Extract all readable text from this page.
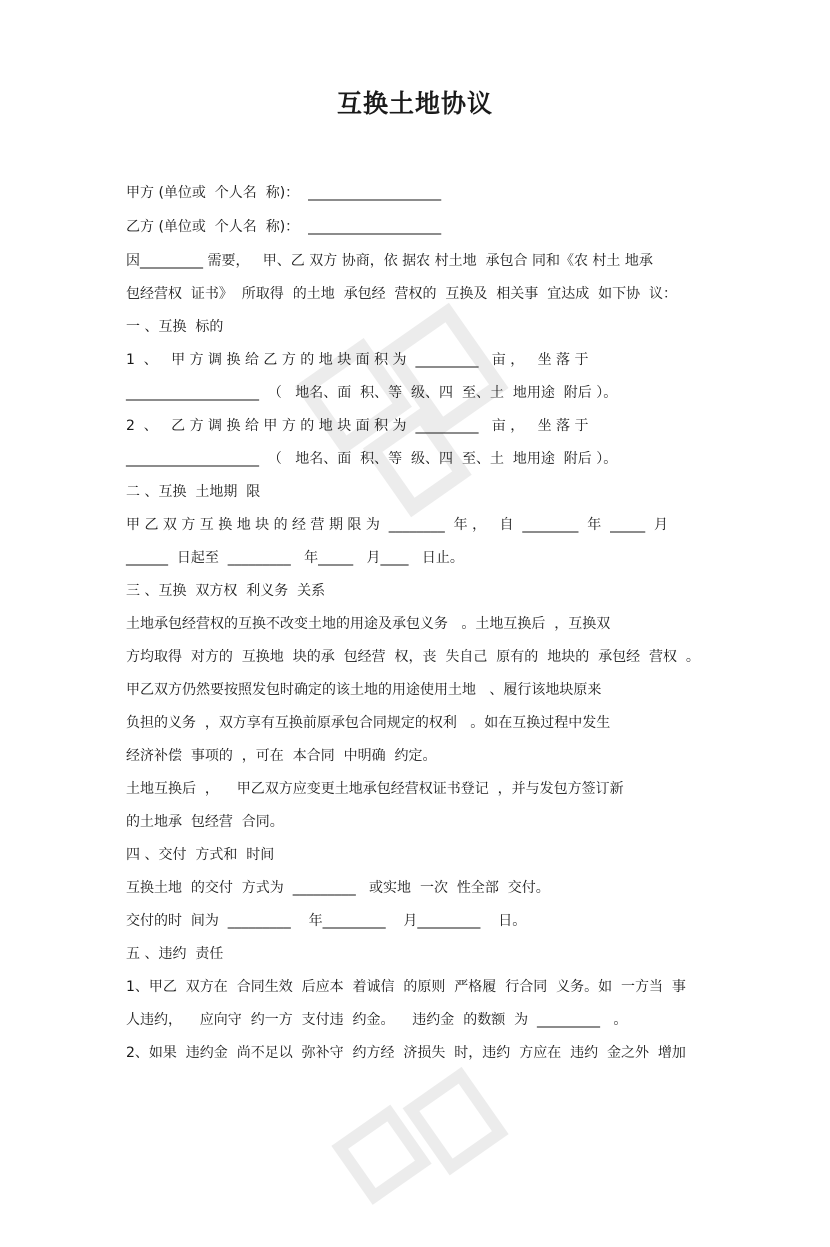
互换土地协议
甲方 (单位或  个人名  称)：  ___________________
乙方 (单位或  个人名  称)：  ___________________
因_________ 需要，   甲、乙 双方 协商，依 据农 村土地  承包合 同和《农 村土 地承
包经营权  证书》  所取得  的土地  承包经  营权的  互换及  相关事  宜达成  如下协  议：
一 、互换  标的
1  、   甲 方 调 换 给 乙 方 的 地 块 面 积 为  _________   亩 ，   坐 落 于
___________________  （   地名、面  积、等  级、四  至、土  地用途  附后 ）。
2  、   乙 方 调 换 给 甲 方 的 地 块 面 积 为  _________   亩 ，   坐 落 于
___________________  （   地名、面  积、等  级、四  至、土  地用途  附后 ）。
二 、互换  土地期  限
甲 乙 双 方 互 换 地 块 的 经 营 期 限 为  ________  年 ，   自  ________  年  _____  月
______  日起至  _________   年_____   月____   日止。
三 、互换  双方权  利义务  关系
土地承包经营权的互换不改变土地的用途及承包义务   。土地互换后  ，互换双
方均取得  对方的  互换地  块的承  包经营  权，丧  失自己  原有的  地块的  承包经  营权  。
甲乙双方仍然要按照发包时确定的该土地的用途使用土地   、履行该地块原来
负担的义务  ，双方享有互换前原承包合同规定的权利   。如在互换过程中发生
经济补偿  事项的  ，可在  本合同  中明确  约定。
土地互换后  ，    甲乙双方应变更土地承包经营权证书登记  ，并与发包方签订新
的土地承  包经营  合同。
四 、交付  方式和  时间
互换土地  的交付  方式为  _________   或实地  一次  性全部  交付。
交付的时  间为  _________    年_________    月_________    日。
五 、违约  责任
1、甲乙  双方在  合同生效  后应本  着诚信  的原则  严格履  行合同  义务。如  一方当  事
人违约，    应向守  约一方  支付违  约金。    违约金  的数额  为  _________   。
2、如果  违约金  尚不足以  弥补守  约方经  济损失  时，违约  方应在  违约  金之外  增加
